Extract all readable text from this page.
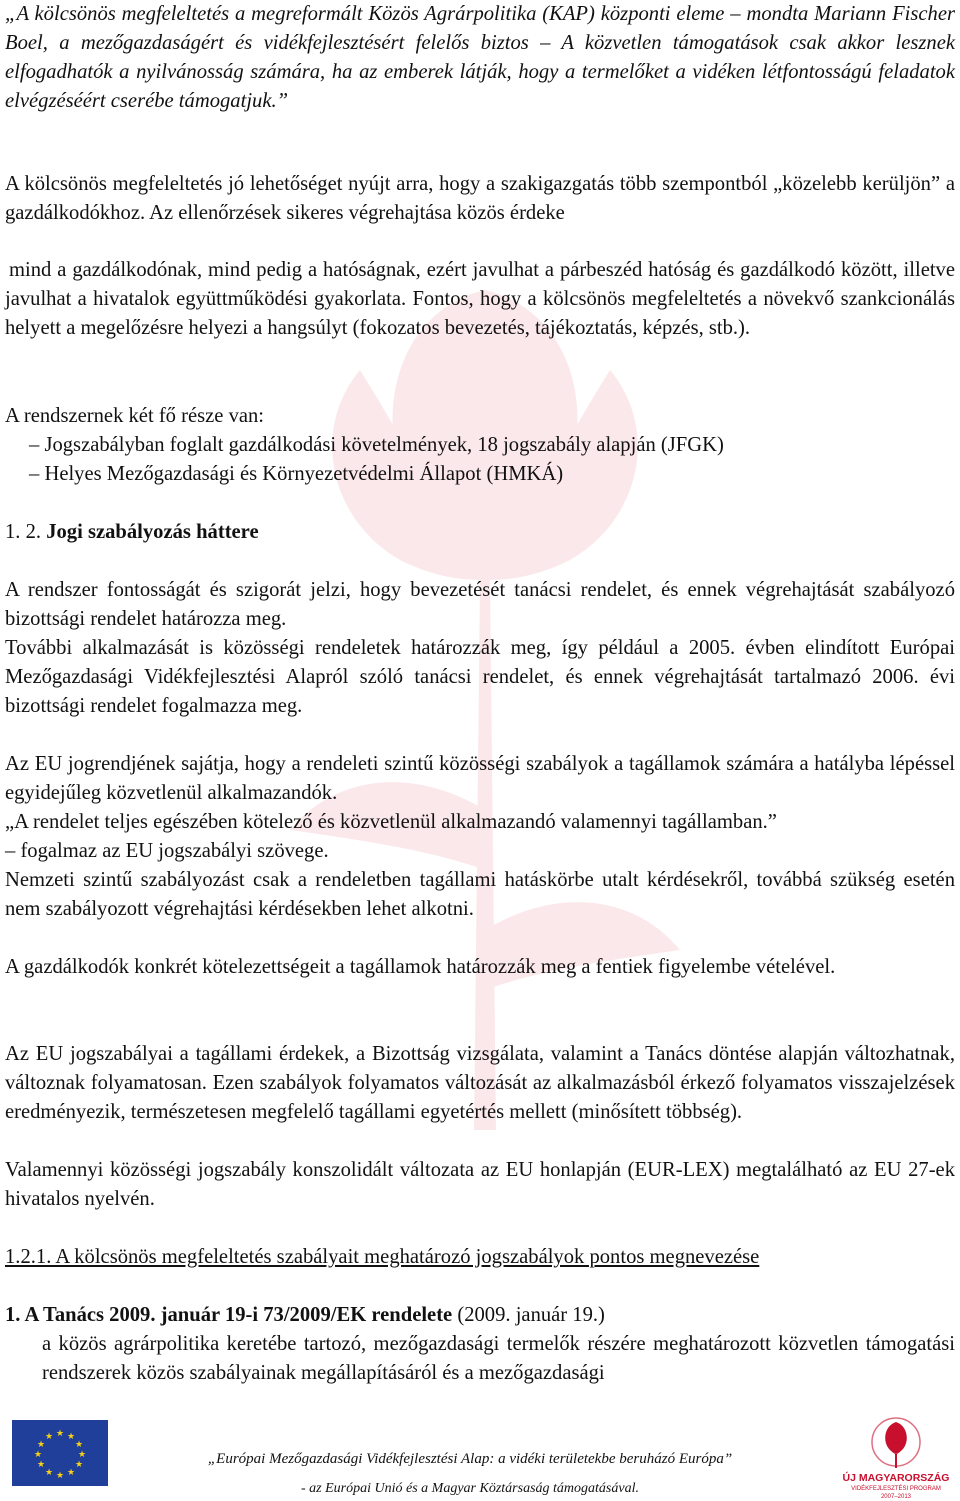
„A kölcsönös megfeleltetés a megreformált Közös Agrárpolitika (KAP) központi eleme – mondta Mariann Fischer Boel, a mezőgazdaságért és vidékfejlesztésért felelős biztos – A közvetlen támogatások csak akkor lesznek elfogadhatók a nyilvánosság számára, ha az emberek látják, hogy a termelőket a vidéken létfontosságú feladatok elvégzéséért cserébe támogatjuk.”

A kölcsönös megfeleltetés jó lehetőséget nyújt arra, hogy a szakigazgatás több szempontból „közelebb kerüljön” a gazdálkodókhoz. Az ellenőrzések sikeres végrehajtása közös érdeke

mind a gazdálkodónak, mind pedig a hatóságnak, ezért javulhat a párbeszéd hatóság és gazdálkodó között, illetve javulhat a hivatalok együttműködési gyakorlata. Fontos, hogy a kölcsönös megfeleltetés a növekvő szankcionálás helyett a megelőzésre helyezi a hangsúlyt (fokozatos bevezetés, tájékoztatás, képzés, stb.).

A rendszernek két fő része van:

– Jogszabályban foglalt gazdálkodási követelmények, 18 jogszabály alapján (JFGK)

– Helyes Mezőgazdasági és Környezetvédelmi Állapot (HMKÁ)

1. 2. Jogi szabályozás háttere

A rendszer fontosságát és szigorát jelzi, hogy bevezetését tanácsi rendelet, és ennek végrehajtását szabályozó bizottsági rendelet határozza meg.

További alkalmazását is közösségi rendeletek határozzák meg, így például a 2005. évben elindított Európai Mezőgazdasági Vidékfejlesztési Alapról szóló tanácsi rendelet, és ennek végrehajtását tartalmazó 2006. évi bizottsági rendelet fogalmazza meg.

Az EU jogrendjének sajátja, hogy a rendeleti szintű közösségi szabályok a tagállamok számára a hatályba lépéssel egyidejűleg közvetlenül alkalmazandók.

„A rendelet teljes egészében kötelező és közvetlenül alkalmazandó valamennyi tagállamban.”

– fogalmaz az EU jogszabályi szövege.

Nemzeti szintű szabályozást csak a rendeletben tagállami hatáskörbe utalt kérdésekről, továbbá szükség esetén nem szabályozott végrehajtási kérdésekben lehet alkotni.

A gazdálkodók konkrét kötelezettségeit a tagállamok határozzák meg a fentiek figyelembe vételével.

Az EU jogszabályai a tagállami érdekek, a Bizottság vizsgálata, valamint a Tanács döntése alapján változhatnak, változnak folyamatosan. Ezen szabályok folyamatos változását az alkalmazásból érkező folyamatos visszajelzések eredményezik, természetesen megfelelő tagállami egyetértés mellett (minősített többség).

Valamennyi közösségi jogszabály konszolidált változata az EU honlapján (EUR-LEX) megtalálható az EU 27-ek hivatalos nyelvén.

1.2.1. A kölcsönös megfeleltetés szabályait meghatározó jogszabályok pontos megnevezése

1. A Tanács 2009. január 19-i 73/2009/EK rendelete (2009. január 19.)

a közös agrárpolitika keretébe tartozó, mezőgazdasági termelők részére meghatározott közvetlen támogatási rendszerek közös szabályainak megállapításáról és a mezőgazdasági

★ ★
★
★
★
★
★
★
★
★
★
★
„Európai Mezőgazdasági Vidékfejlesztési Alap: a vidéki területekbe beruházó Európa”
- az Európai Unió és a Magyar Köztársaság támogatásával.
ÚJ MAGYARORSZÁG
VIDÉKFEJLESZTÉSI PROGRAM
2007–2013
